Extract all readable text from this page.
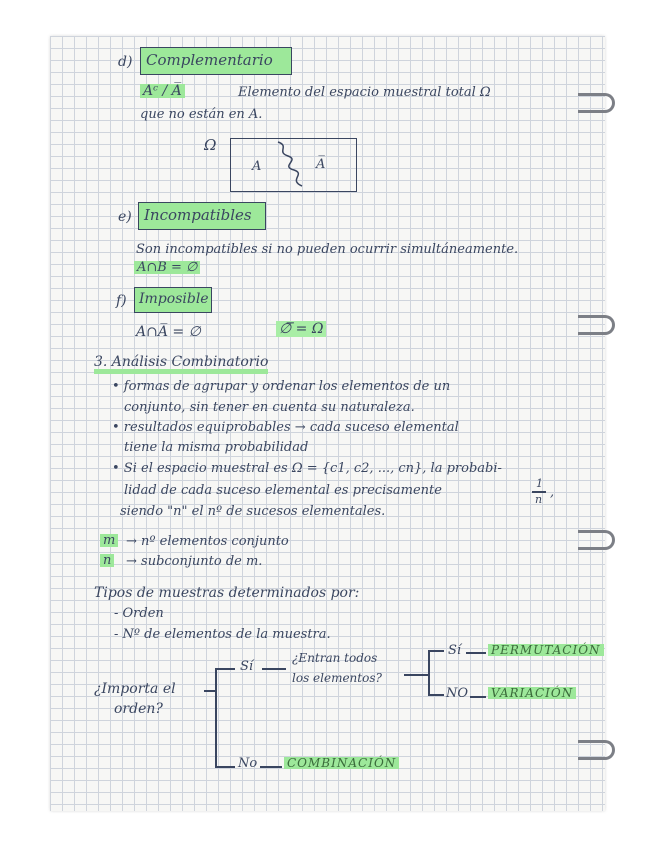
d) Complementario
Aᶜ / A̅	Elemento del espacio muestral total Ω
que no están en A.
Ω
A	A̅
e) Incompatibles
Son incompatibles si no pueden ocurrir simultáneamente.
A∩B = ∅
f) Imposible
A∩A̅ = ∅	∅̅ = Ω
3. Análisis Combinatorio
• formas de agrupar y ordenar los elementos de un
conjunto, sin tener en cuenta su naturaleza.
• resultados equiprobables → cada suceso elemental
tiene la misma probabilidad
• Si el espacio muestral es Ω = {c1, c2, ..., cn}, la probabi-
lidad de cada suceso elemental es precisamente	1
n ,
siendo "n" el nº de sucesos elementales.
m → nº elementos conjunto
n → subconjunto de m.
Tipos de muestras determinados por:
- Orden
- Nº de elementos de la muestra.
¿Importa el
orden?
Sí
¿Entran todos
los elementos?
Sí PERMUTACIÓN
NO VARIACIÓN
No COMBINACIÓN
